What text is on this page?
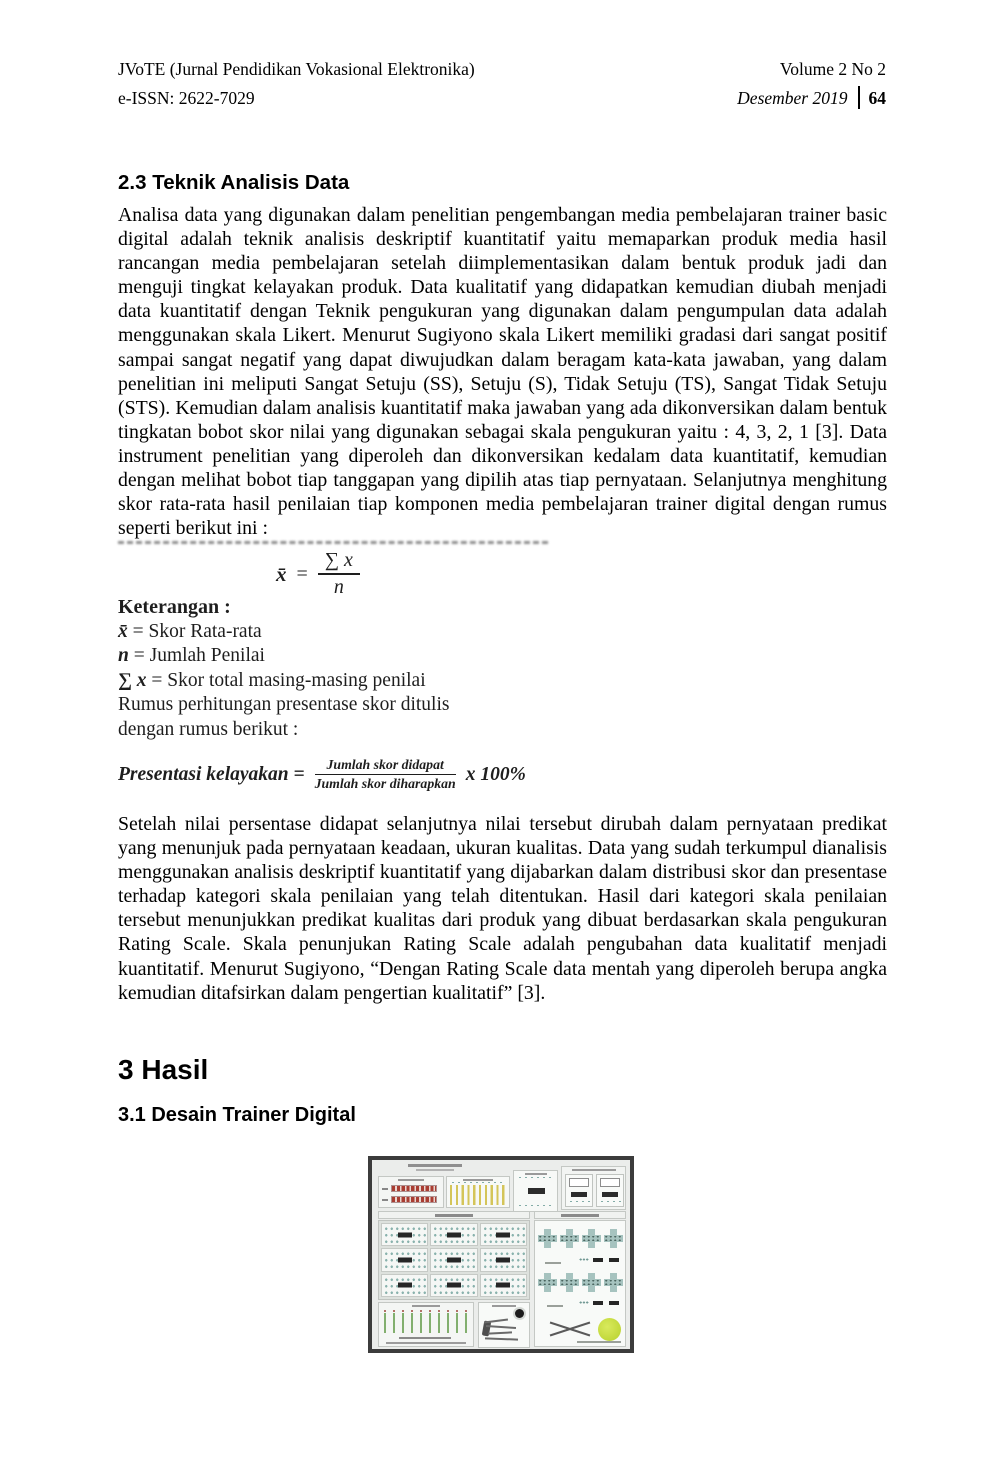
JVoTE (Jurnal Pendidikan Vokasional Elektronika)	Volume 2 No 2
e-ISSN: 2622-7029	Desember 2019 64
2.3 Teknik Analisis Data

Analisa data yang digunakan dalam penelitian pengembangan media pembelajaran trainer basic digital adalah teknik analisis deskriptif kuantitatif yaitu memaparkan produk media hasil rancangan media pembelajaran setelah diimplementasikan dalam bentuk produk jadi dan menguji tingkat kelayakan produk. Data kualitatif yang didapatkan kemudian diubah menjadi data kuantitatif dengan Teknik pengukuran yang digunakan dalam pengumpulan data adalah menggunakan skala Likert. Menurut Sugiyono skala Likert memiliki gradasi dari sangat positif sampai sangat negatif yang dapat diwujudkan dalam beragam kata-kata jawaban, yang dalam penelitian ini meliputi Sangat Setuju (SS), Setuju (S), Tidak Setuju (TS), Sangat Tidak Setuju (STS). Kemudian dalam analisis kuantitatif maka jawaban yang ada dikonversikan dalam bentuk tingkatan bobot skor nilai yang digunakan sebagai skala pengukuran yaitu : 4, 3, 2, 1 [3]. Data instrument penelitian yang diperoleh dan dikonversikan kedalam data kuantitatif, kemudian dengan melihat bobot tiap tanggapan yang dipilih atas tiap pernyataan. Selanjutnya menghitung skor rata-rata hasil penilaian tiap komponen media pembelajaran trainer digital dengan rumus seperti berikut ini :

x̄ = $\frac{\sum x}{n}$
Keterangan :
x̄ = Skor Rata-rata
n = Jumlah Penilai
∑ x = Skor total masing-masing penilai
Rumus perhitungan presentase skor ditulis
dengan rumus berikut :
Presentasi kelayakan = $\frac{\text{Jumlah skor didapat}}{\text{Jumlah skor diharapkan}}$ x 100%

Setelah nilai persentase didapat selanjutnya nilai tersebut dirubah dalam pernyataan predikat yang menunjuk pada pernyataan keadaan, ukuran kualitas. Data yang sudah terkumpul dianalisis menggunakan analisis deskriptif kuantitatif yang dijabarkan dalam distribusi skor dan presentase terhadap kategori skala penilaian yang telah ditentukan. Hasil dari kategori skala penilaian tersebut menunjukkan predikat kualitas dari produk yang dibuat berdasarkan skala pengukuran Rating Scale. Skala penunjukan Rating Scale adalah pengubahan data kualitatif menjadi kuantitatif. Menurut Sugiyono, “Dengan Rating Scale data mentah yang diperoleh berupa angka kemudian ditafsirkan dalam pengertian kualitatif” [3].

3 Hasil
3.1 Desain Trainer Digital
